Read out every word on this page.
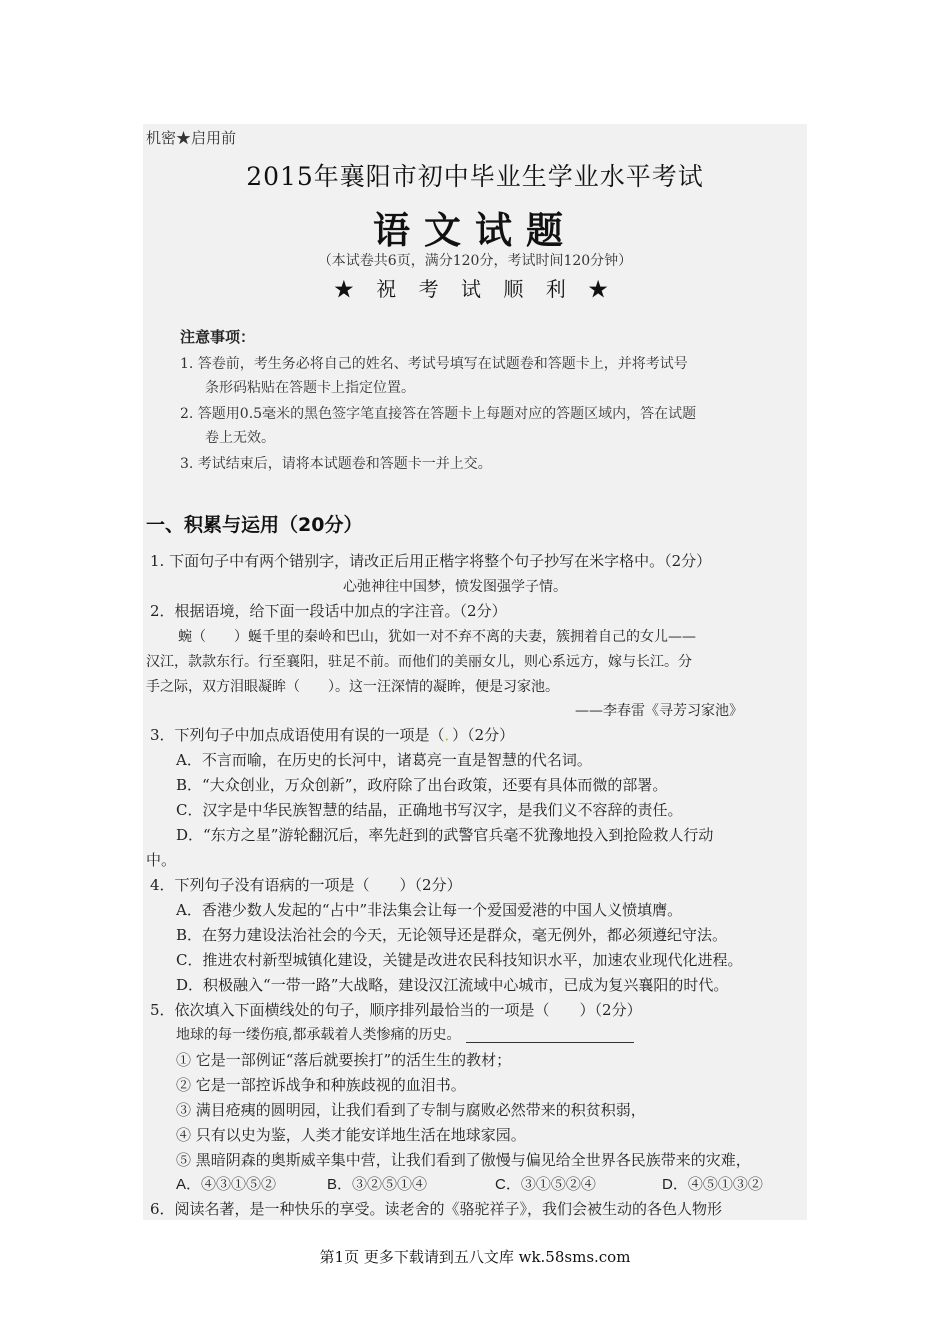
机密★启用前
2015年襄阳市初中毕业生学业水平考试
语文试题
（本试卷共6页，满分120分，考试时间120分钟）
★ 祝 考 试 顺 利 ★
注意事项：
1. 答卷前，考生务必将自己的姓名、考试号填写在试题卷和答题卡上，并将考试号
条形码粘贴在答题卡上指定位置。
2. 答题用0.5毫米的黑色签字笔直接答在答题卡上每题对应的答题区域内，答在试题
卷上无效。
3. 考试结束后，请将本试题卷和答题卡一并上交。
一、积累与运用（20分）
1. 下面句子中有两个错别字，请改正后用正楷字将整个句子抄写在米字格中。（2分）
心弛神往中国梦，愤发图强学子情。
2．根据语境，给下面一段话中加点的字注音。（2分）
蜿（　　）蜒千里的秦岭和巴山，犹如一对不弃不离的夫妻，簇拥着自己的女儿——
汉江，款款东行。行至襄阳，驻足不前。而他们的美丽女儿，则心系远方，嫁与长江。分
手之际，双方泪眼凝眸（　　）。这一汪深情的凝眸，便是习家池。
——李春雷《寻芳习家池》
3．下列句子中加点成语使用有误的一项是（．）（2分）
A．不言而喻，在历史的长河中，诸葛亮一直是智慧的代名词。
B．“大众创业，万众创新”，政府除了出台政策，还要有具体而微的部署。
C．汉字是中华民族智慧的结晶，正确地书写汉字，是我们义不容辞的责任。
D．“东方之星”游轮翻沉后，率先赶到的武警官兵毫不犹豫地投入到抢险救人行动
中。
4．下列句子没有语病的一项是（　　）（2分）
A．香港少数人发起的“占中”非法集会让每一个爱国爱港的中国人义愤填膺。
B．在努力建设法治社会的今天，无论领导还是群众，毫无例外，都必须遵纪守法。
C．推进农村新型城镇化建设，关键是改进农民科技知识水平，加速农业现代化进程。
D．积极融入“一带一路”大战略，建设汉江流域中心城市，已成为复兴襄阳的时代。
5．依次填入下面横线处的句子，顺序排列最恰当的一项是（　　）（2分）
地球的每一缕伤痕,都承载着人类惨痛的历史。
① 它是一部例证“落后就要挨打”的活生生的教材；
② 它是一部控诉战争和种族歧视的血泪书。
③ 满目疮痍的圆明园，让我们看到了专制与腐败必然带来的积贫积弱，
④ 只有以史为鉴，人类才能安详地生活在地球家园。
⑤ 黑暗阴森的奥斯威辛集中营，让我们看到了傲慢与偏见给全世界各民族带来的灾难，
A．④③①⑤②	B．③②⑤①④	C．③①⑤②④	D．④⑤①③②
6．阅读名著，是一种快乐的享受。读老舍的《骆驼祥子》，我们会被生动的各色人物形
第1页 更多下载请到五八文库 wk.58sms.com
